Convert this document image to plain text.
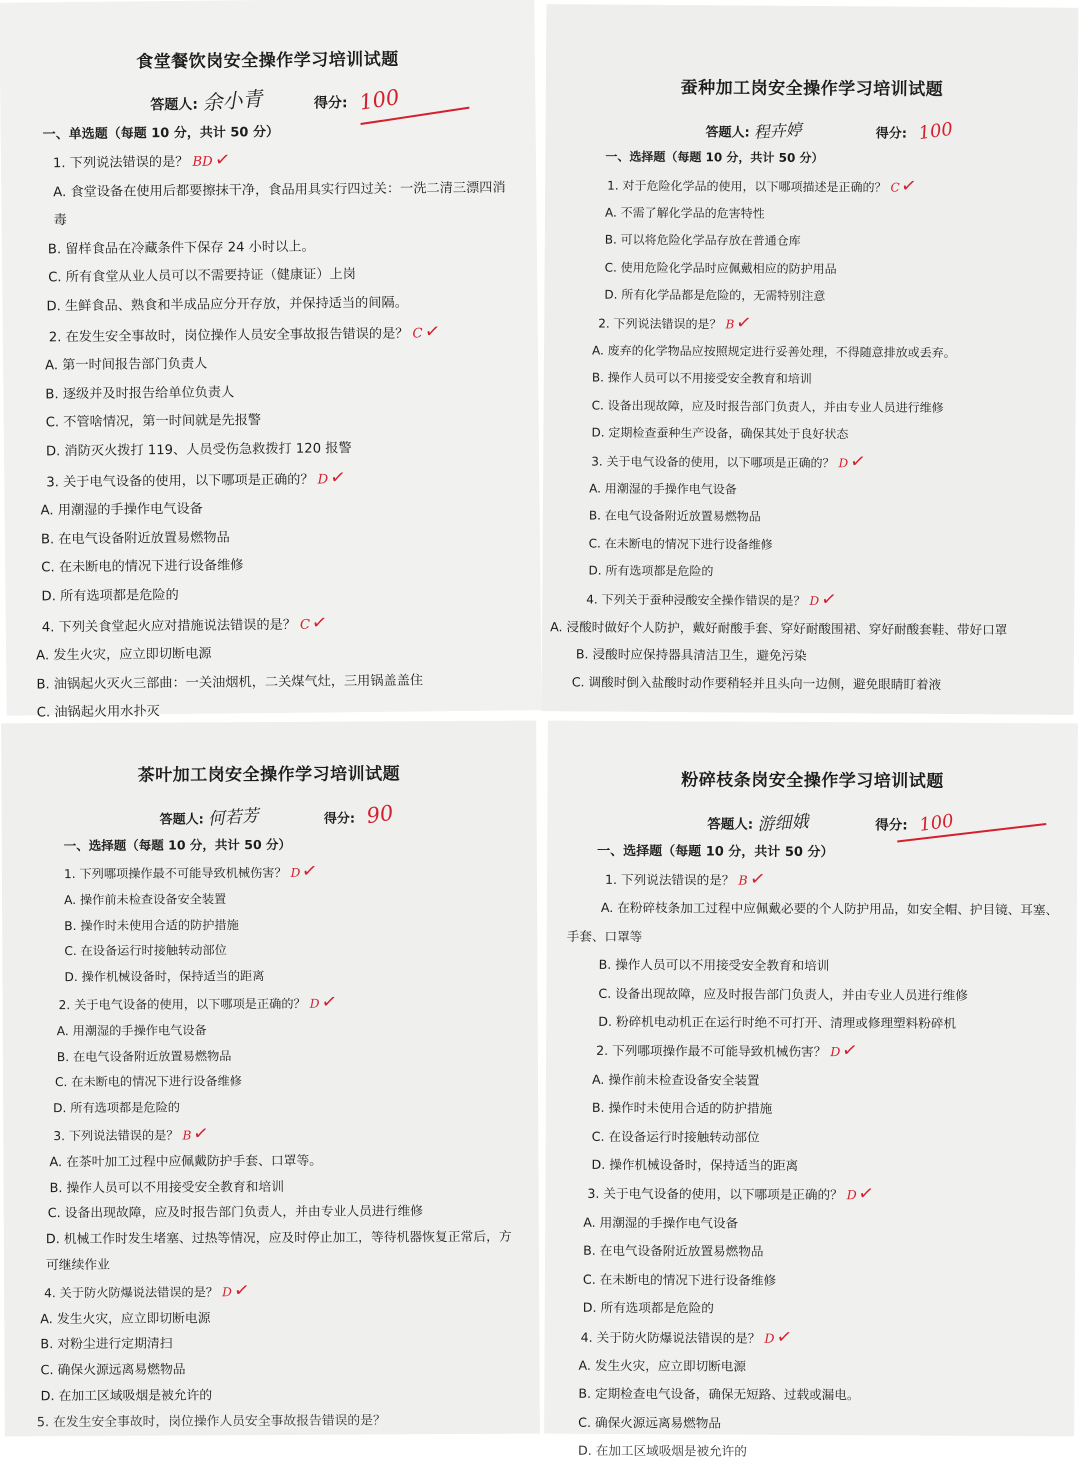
食堂餐饮岗安全操作学习培训试题
答题人: 余小青	得分: 100
一、单选题（每题 10 分，共计 50 分）
1. 下列说法错误的是？ BD✓
A. 食堂设备在使用后都要擦抹干净，食品用具实行四过关：一洗二清三漂四消毒
B. 留样食品在冷藏条件下保存 24 小时以上。
C. 所有食堂从业人员可以不需要持证（健康证）上岗
D. 生鲜食品、熟食和半成品应分开存放，并保持适当的间隔。
2. 在发生安全事故时，岗位操作人员安全事故报告错误的是？ C✓
A. 第一时间报告部门负责人
B. 逐级并及时报告给单位负责人
C. 不管啥情况，第一时间就是先报警
D. 消防灭火拨打 119、人员受伤急救拨打 120 报警
3. 关于电气设备的使用，以下哪项是正确的？ D✓
A. 用潮湿的手操作电气设备
B. 在电气设备附近放置易燃物品
C. 在未断电的情况下进行设备维修
D. 所有选项都是危险的
4. 下列关食堂起火应对措施说法错误的是？ C✓
A. 发生火灾，应立即切断电源
B. 油锅起火灭火三部曲：一关油烟机，二关煤气灶，三用锅盖盖住
C. 油锅起火用水扑灭
蚕种加工岗安全操作学习培训试题
答题人: 程卉婷	得分: 100
一、选择题（每题 10 分，共计 50 分）
1. 对于危险化学品的使用，以下哪项描述是正确的？ C✓
A. 不需了解化学品的危害特性
B. 可以将危险化学品存放在普通仓库
C. 使用危险化学品时应佩戴相应的防护用品
D. 所有化学品都是危险的，无需特别注意
2. 下列说法错误的是？ B✓
A. 废弃的化学物品应按照规定进行妥善处理，不得随意排放或丢弃。
B. 操作人员可以不用接受安全教育和培训
C. 设备出现故障，应及时报告部门负责人，并由专业人员进行维修
D. 定期检查蚕种生产设备，确保其处于良好状态
3. 关于电气设备的使用，以下哪项是正确的？ D✓
A. 用潮湿的手操作电气设备
B. 在电气设备附近放置易燃物品
C. 在未断电的情况下进行设备维修
D. 所有选项都是危险的
4. 下列关于蚕种浸酸安全操作错误的是？ D✓
A. 浸酸时做好个人防护，戴好耐酸手套、穿好耐酸围裙、穿好耐酸套鞋、带好口罩
B. 浸酸时应保持器具清洁卫生，避免污染
C. 调酸时倒入盐酸时动作要稍轻并且头向一边侧，避免眼睛盯着液
茶叶加工岗安全操作学习培训试题
答题人: 何若芳	得分: 90
一、选择题（每题 10 分，共计 50 分）
1. 下列哪项操作最不可能导致机械伤害？ D✓
A. 操作前未检查设备安全装置
B. 操作时未使用合适的防护措施
C. 在设备运行时接触转动部位
D. 操作机械设备时，保持适当的距离
2. 关于电气设备的使用，以下哪项是正确的？ D✓
A. 用潮湿的手操作电气设备
B. 在电气设备附近放置易燃物品
C. 在未断电的情况下进行设备维修
D. 所有选项都是危险的
3. 下列说法错误的是？ B✓
A. 在茶叶加工过程中应佩戴防护手套、口罩等。
B. 操作人员可以不用接受安全教育和培训
C. 设备出现故障，应及时报告部门负责人，并由专业人员进行维修
D. 机械工作时发生堵塞、过热等情况，应及时停止加工，等待机器恢复正常后，方可继续作业
4. 关于防火防爆说法错误的是？ D✓
A. 发生火灾，应立即切断电源
B. 对粉尘进行定期清扫
C. 确保火源远离易燃物品
D. 在加工区域吸烟是被允许的
5. 在发生安全事故时，岗位操作人员安全事故报告错误的是？
粉碎枝条岗安全操作学习培训试题
答题人: 游细娥	得分: 100
一、选择题（每题 10 分，共计 50 分）
1. 下列说法错误的是？ B✓
A. 在粉碎枝条加工过程中应佩戴必要的个人防护用品，如安全帽、护目镜、耳塞、手套、口罩等
B. 操作人员可以不用接受安全教育和培训
C. 设备出现故障，应及时报告部门负责人，并由专业人员进行维修
D. 粉碎机电动机正在运行时绝不可打开、清理或修理塑料粉碎机
2. 下列哪项操作最不可能导致机械伤害？ D✓
A. 操作前未检查设备安全装置
B. 操作时未使用合适的防护措施
C. 在设备运行时接触转动部位
D. 操作机械设备时，保持适当的距离
3. 关于电气设备的使用，以下哪项是正确的？ D✓
A. 用潮湿的手操作电气设备
B. 在电气设备附近放置易燃物品
C. 在未断电的情况下进行设备维修
D. 所有选项都是危险的
4. 关于防火防爆说法错误的是？ D✓
A. 发生火灾，应立即切断电源
B. 定期检查电气设备，确保无短路、过载或漏电。
C. 确保火源远离易燃物品
D. 在加工区域吸烟是被允许的
